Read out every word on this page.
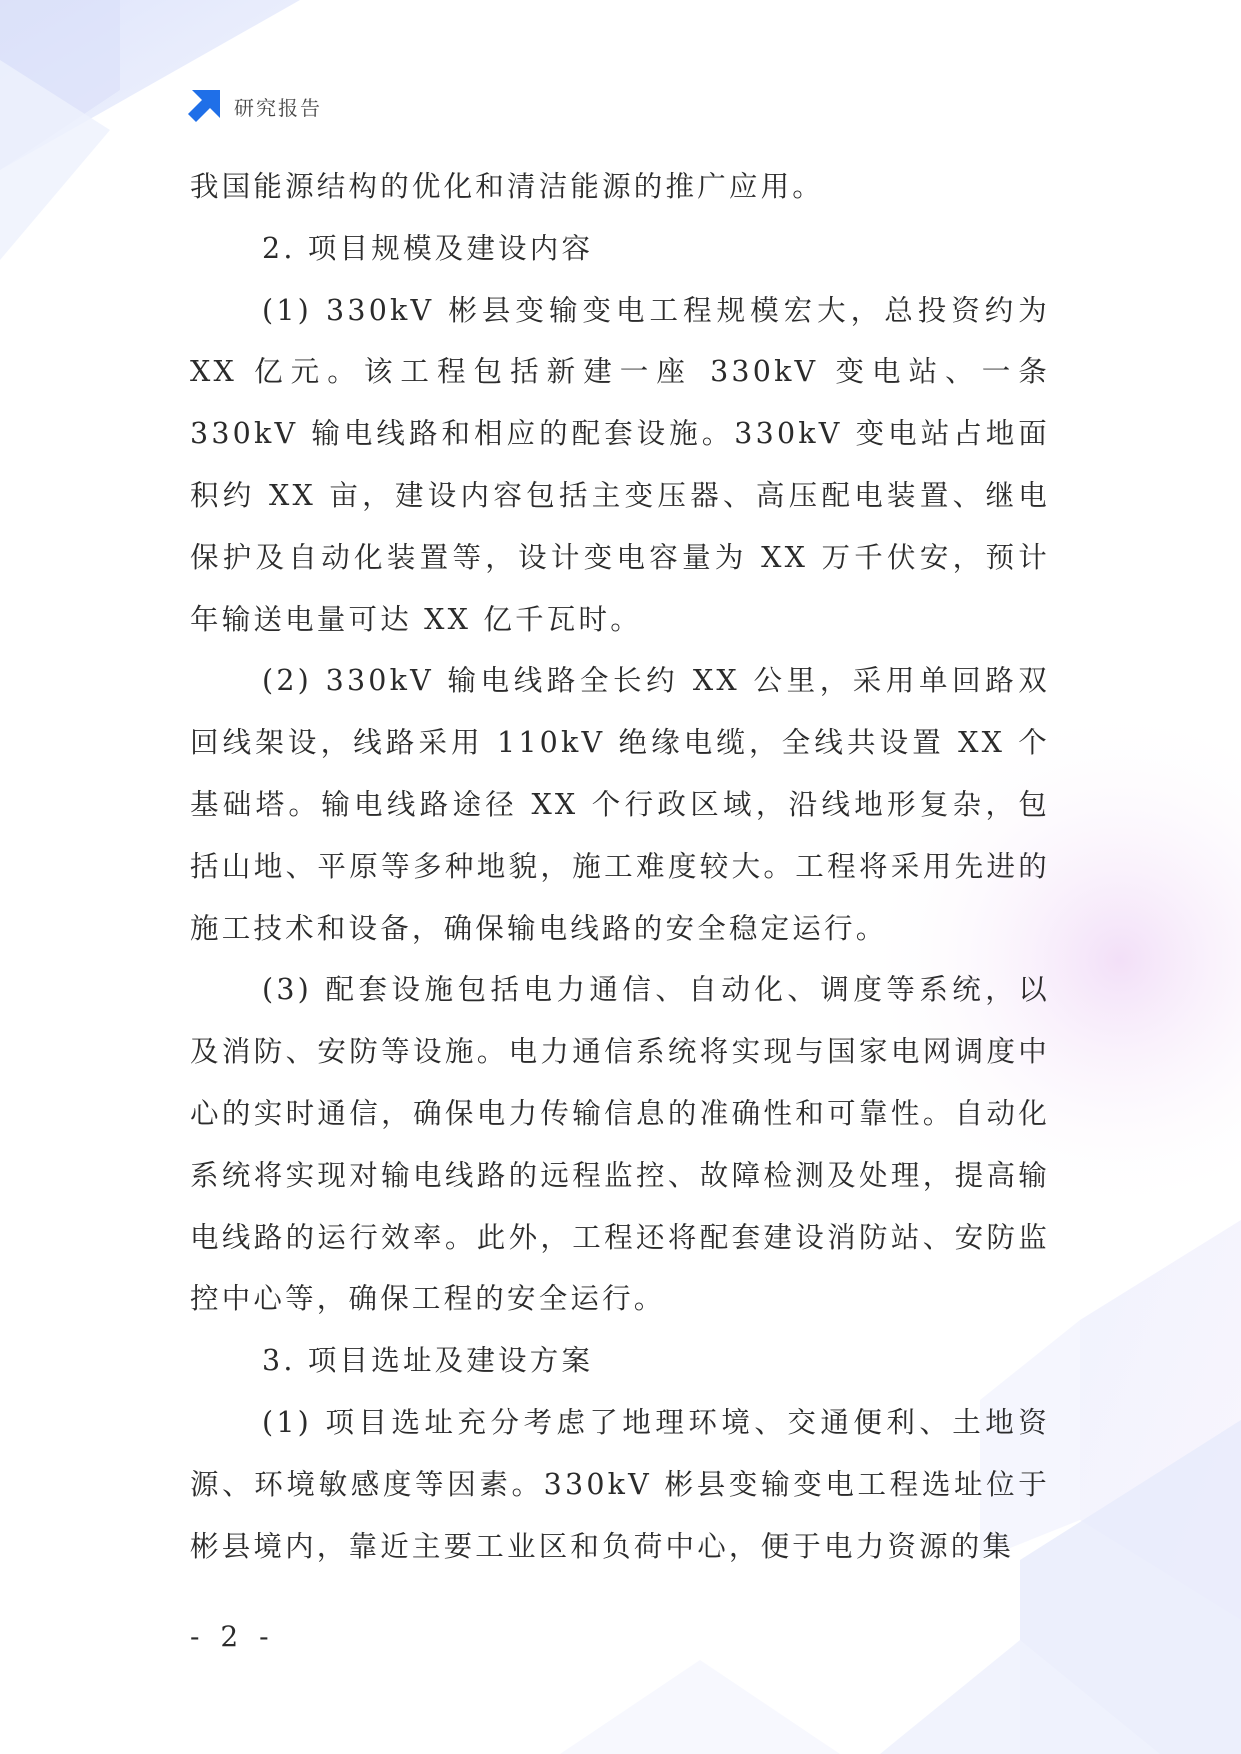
研究报告

我国能源结构的优化和清洁能源的推广应用。

2. 项目规模及建设内容

(1) 330kV 彬县变输变电工程规模宏大，总投资约为 XX 亿元。该工程包括新建一座 330kV 变电站、一条 330kV 输电线路和相应的配套设施。330kV 变电站占地面积约 XX 亩，建设内容包括主变压器、高压配电装置、继电保护及自动化装置等，设计变电容量为 XX 万千伏安，预计年输送电量可达 XX 亿千瓦时。

(2) 330kV 输电线路全长约 XX 公里，采用单回路双回线架设，线路采用 110kV 绝缘电缆，全线共设置 XX 个基础塔。输电线路途径 XX 个行政区域，沿线地形复杂，包括山地、平原等多种地貌，施工难度较大。工程将采用先进的施工技术和设备，确保输电线路的安全稳定运行。

(3) 配套设施包括电力通信、自动化、调度等系统，以及消防、安防等设施。电力通信系统将实现与国家电网调度中心的实时通信，确保电力传输信息的准确性和可靠性。自动化系统将实现对输电线路的远程监控、故障检测及处理，提高输电线路的运行效率。此外，工程还将配套建设消防站、安防监控中心等，确保工程的安全运行。

3. 项目选址及建设方案

(1) 项目选址充分考虑了地理环境、交通便利、土地资源、环境敏感度等因素。330kV 彬县变输变电工程选址位于彬县境内，靠近主要工业区和负荷中心，便于电力资源的集

- 2 -
